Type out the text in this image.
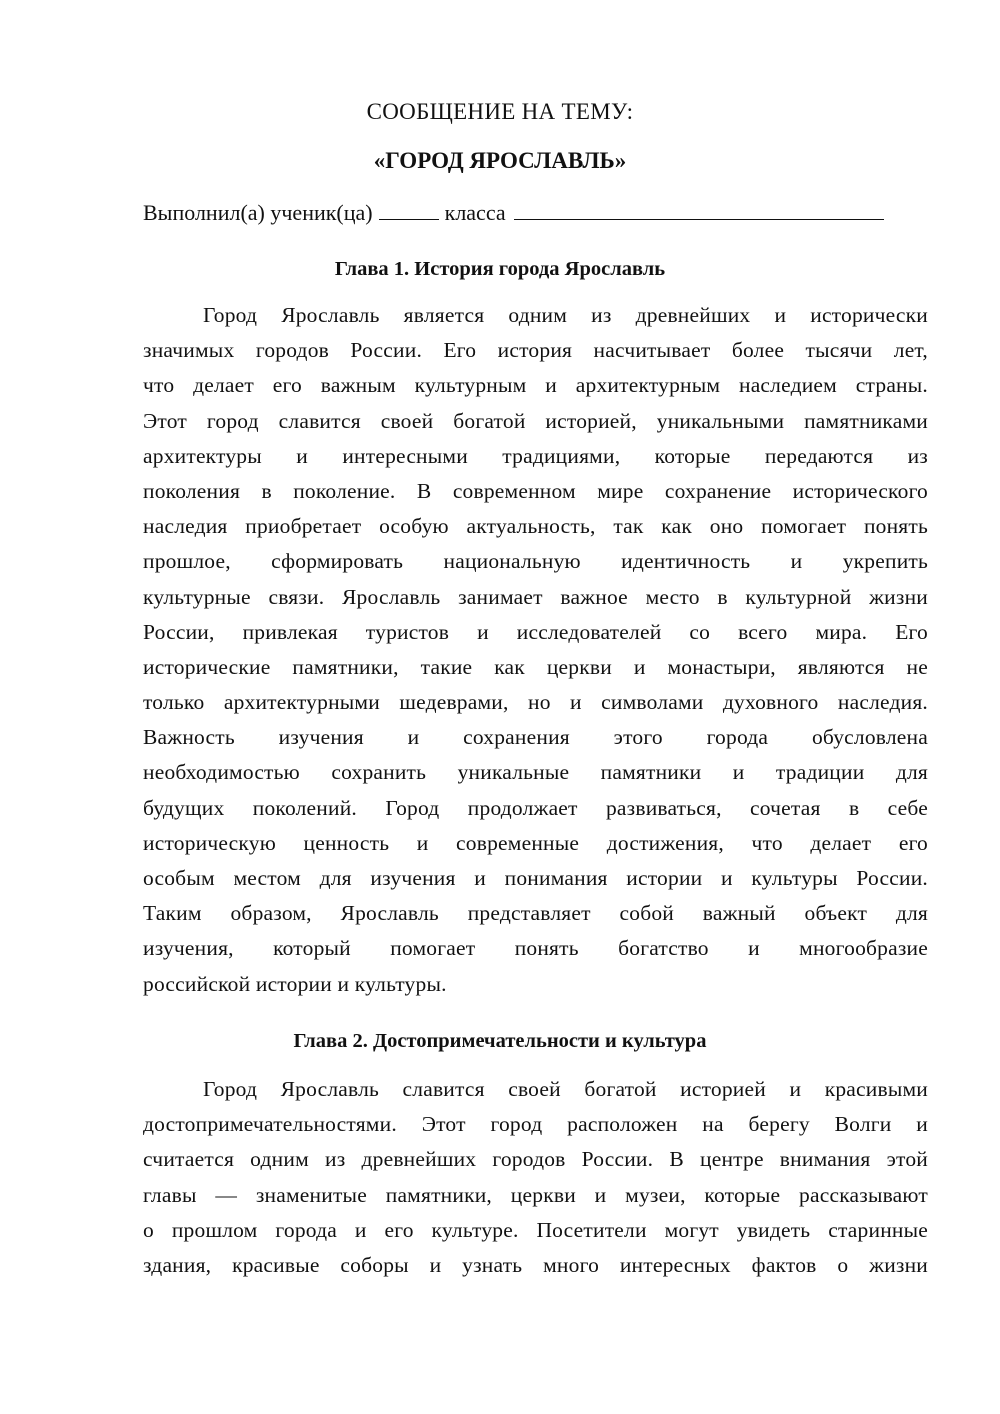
СООБЩЕНИЕ НА ТЕМУ:
«ГОРОД ЯРОСЛАВЛЬ»
Выполнил(а) ученик(ца)	класса
Глава 1. История города Ярославль
Город Ярославль является одним из древнейших и исторически
значимых городов России. Его история насчитывает более тысячи лет,
что делает его важным культурным и архитектурным наследием страны.
Этот город славится своей богатой историей, уникальными памятниками
архитектуры и интересными традициями, которые передаются из
поколения в поколение. В современном мире сохранение исторического
наследия приобретает особую актуальность, так как оно помогает понять
прошлое, сформировать национальную идентичность и укрепить
культурные связи. Ярославль занимает важное место в культурной жизни
России, привлекая туристов и исследователей со всего мира. Его
исторические памятники, такие как церкви и монастыри, являются не
только архитектурными шедеврами, но и символами духовного наследия.
Важность изучения и сохранения этого города обусловлена
необходимостью сохранить уникальные памятники и традиции для
будущих поколений. Город продолжает развиваться, сочетая в себе
историческую ценность и современные достижения, что делает его
особым местом для изучения и понимания истории и культуры России.
Таким образом, Ярославль представляет собой важный объект для
изучения, который помогает понять богатство и многообразие
российской истории и культуры.
Глава 2. Достопримечательности и культура
Город Ярославль славится своей богатой историей и красивыми
достопримечательностями. Этот город расположен на берегу Волги и
считается одним из древнейших городов России. В центре внимания этой
главы — знаменитые памятники, церкви и музеи, которые рассказывают
о прошлом города и его культуре. Посетители могут увидеть старинные
здания, красивые соборы и узнать много интересных фактов о жизни
